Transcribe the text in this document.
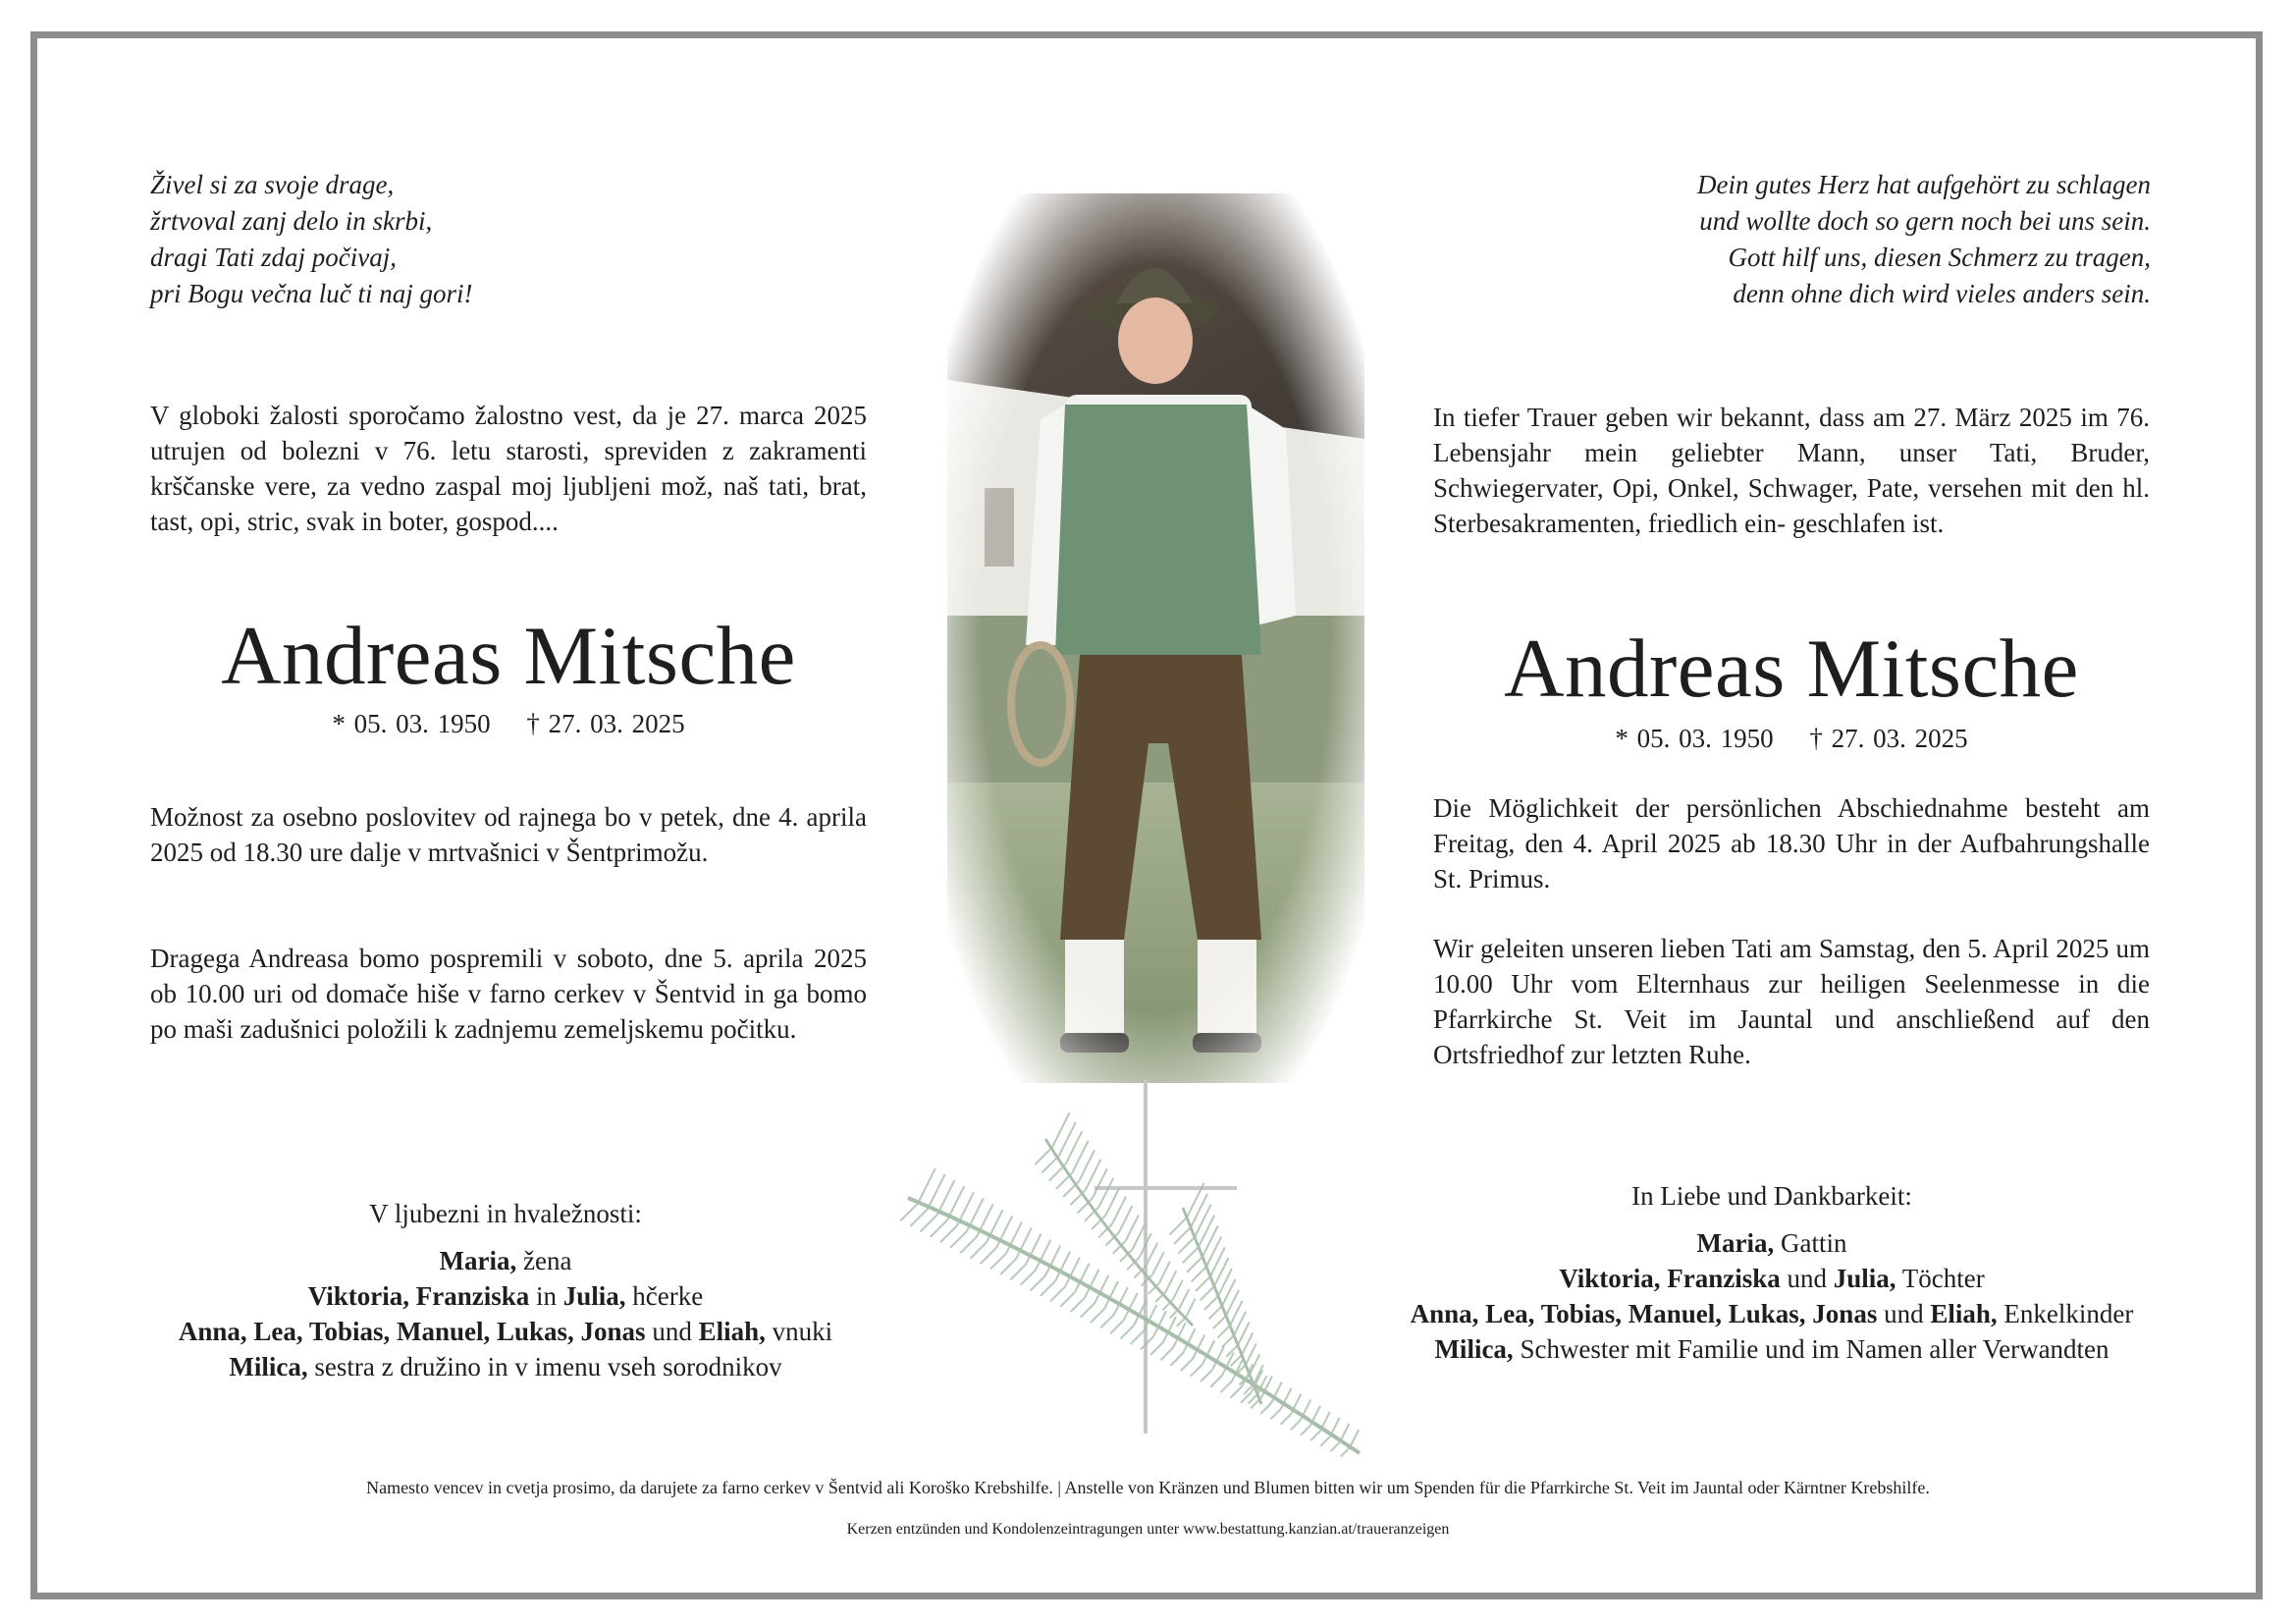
Živel si za svoje drage,
žrtvoval zanj delo in skrbi,
dragi Tati zdaj počivaj,
pri Bogu večna luč ti naj gori!
V globoki žalosti sporočamo žalostno vest, da je 27. marca 2025 utrujen od bolezni v 76. letu starosti, spreviden z zakramenti krščanske vere, za vedno zaspal moj ljubljeni mož, naš tati, brat, tast, opi, stric, svak in boter, gospod....
Andreas Mitsche
* 05. 03. 1950 † 27. 03. 2025
Možnost za osebno poslovitev od rajnega bo v petek, dne 4. aprila 2025 od 18.30 ure dalje v mrtvašnici v Šentprimožu.
Dragega Andreasa bomo pospremili v soboto, dne 5. aprila 2025 ob 10.00 uri od domače hiše v farno cerkev v Šentvid in ga bomo po maši zadušnici položili k zadnjemu zemeljskemu počitku.
V ljubezni in hvaležnosti:
Maria, žena
Viktoria, Franziska in Julia, hčerke
Anna, Lea, Tobias, Manuel, Lukas, Jonas und Eliah, vnuki
Milica, sestra z družino in v imenu vseh sorodnikov
Dein gutes Herz hat aufgehört zu schlagen
und wollte doch so gern noch bei uns sein.
Gott hilf uns, diesen Schmerz zu tragen,
denn ohne dich wird vieles anders sein.
In tiefer Trauer geben wir bekannt, dass am 27. März 2025 im 76. Lebensjahr mein geliebter Mann, unser Tati, Bruder, Schwiegervater, Opi, Onkel, Schwager, Pate, versehen mit den hl. Sterbesakramenten, friedlich ein- geschlafen ist.
Andreas Mitsche
* 05. 03. 1950 † 27. 03. 2025
Die Möglichkeit der persönlichen Abschiednahme besteht am Freitag, den 4. April 2025 ab 18.30 Uhr in der Aufbahrungshalle St. Primus.
Wir geleiten unseren lieben Tati am Samstag, den 5. April 2025 um 10.00 Uhr vom Elternhaus zur heiligen Seelenmesse in die Pfarrkirche St. Veit im Jauntal und anschließend auf den Ortsfriedhof zur letzten Ruhe.
In Liebe und Dankbarkeit:
Maria, Gattin
Viktoria, Franziska und Julia, Töchter
Anna, Lea, Tobias, Manuel, Lukas, Jonas und Eliah, Enkelkinder
Milica, Schwester mit Familie und im Namen aller Verwandten
Namesto vencev in cvetja prosimo, da darujete za farno cerkev v Šentvid ali Koroško Krebshilfe. | Anstelle von Kränzen und Blumen bitten wir um Spenden für die Pfarrkirche St. Veit im Jauntal oder Kärntner Krebshilfe.
Kerzen entzünden und Kondolenzeintragungen unter www.bestattung.kanzian.at/traueranzeigen
